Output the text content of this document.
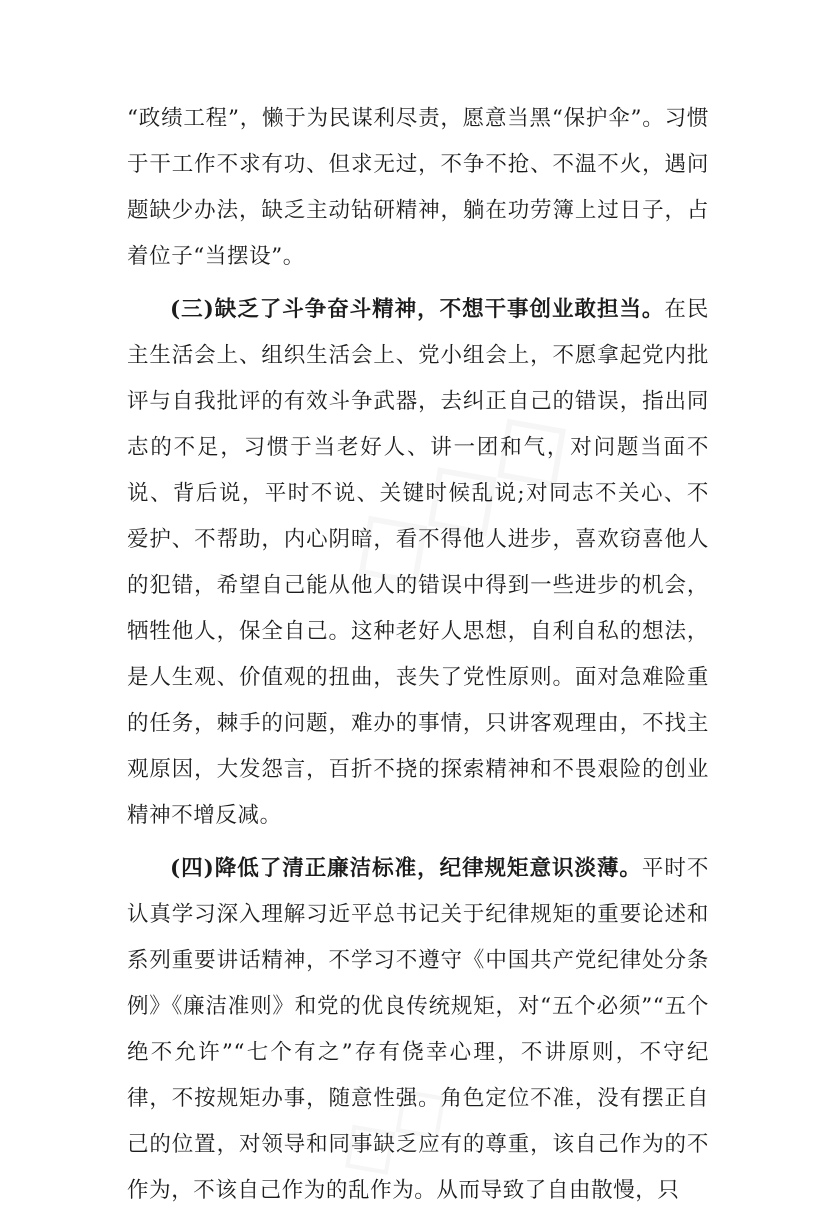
“政绩工程”，懒于为民谋利尽责，愿意当黑“保护伞”。习惯于干工作不求有功、但求无过，不争不抢、不温不火，遇问题缺少办法，缺乏主动钻研精神，躺在功劳簿上过日子，占着位子“当摆设”。

(三)缺乏了斗争奋斗精神，不想干事创业敢担当。在民主生活会上、组织生活会上、党小组会上，不愿拿起党内批评与自我批评的有效斗争武器，去纠正自己的错误，指出同志的不足，习惯于当老好人、讲一团和气，对问题当面不说、背后说，平时不说、关键时候乱说;对同志不关心、不爱护、不帮助，内心阴暗，看不得他人进步，喜欢窃喜他人的犯错，希望自己能从他人的错误中得到一些进步的机会，牺牲他人，保全自己。这种老好人思想，自利自私的想法，是人生观、价值观的扭曲，丧失了党性原则。面对急难险重的任务，棘手的问题，难办的事情，只讲客观理由，不找主观原因，大发怨言，百折不挠的探索精神和不畏艰险的创业精神不增反减。

(四)降低了清正廉洁标准，纪律规矩意识淡薄。平时不认真学习深入理解习近平总书记关于纪律规矩的重要论述和系列重要讲话精神，不学习不遵守《中国共产党纪律处分条例》《廉洁准则》和党的优良传统规矩，对“五个必须”“五个绝不允许”“七个有之”存有侥幸心理，不讲原则，不守纪律，不按规矩办事，随意性强。角色定位不准，没有摆正自己的位置，对领导和同事缺乏应有的尊重，该自己作为的不作为，不该自己作为的乱作为。从而导致了自由散慢，只
